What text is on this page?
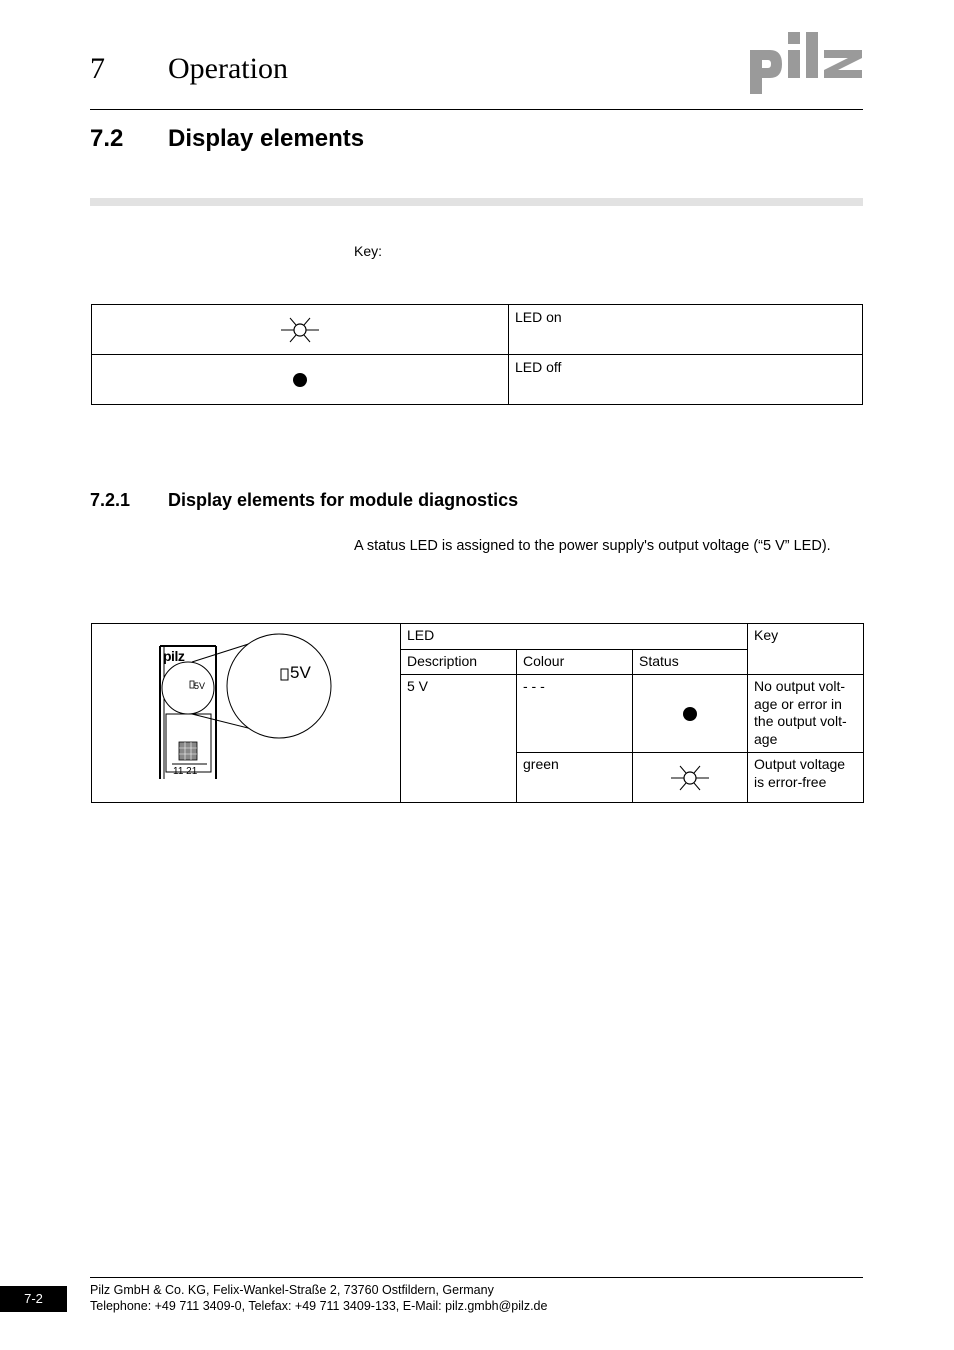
7 Operation
7.2 Display elements
Key:
	LED on

	LED off
7.2.1 Display elements for module diagnostics
A status LED is assigned to the power supply's output voltage (“5 V” LED).
pilz
5V
5V
11 21	LED			Key
	Description	Colour	Status	
	5 V	- - -		No output volt-age or error in the output volt-age
		green		Output voltage is error-free
7-2
Pilz GmbH & Co. KG, Felix-Wankel-Straße 2, 73760 Ostfildern, Germany
Telephone: +49 711 3409-0, Telefax: +49 711 3409-133, E-Mail: pilz.gmbh@pilz.de
